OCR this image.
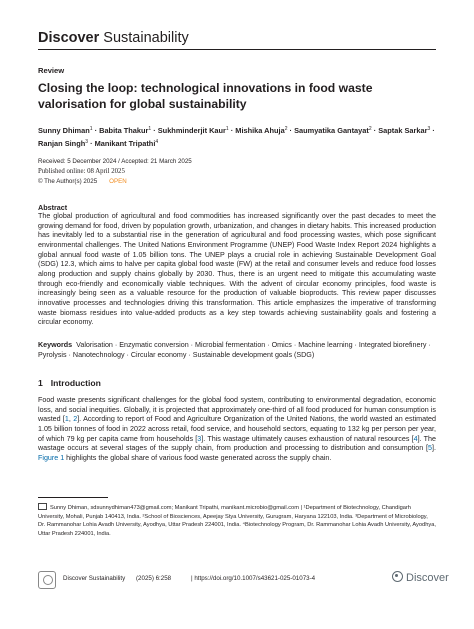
Discover Sustainability
Review
Closing the loop: technological innovations in food waste valorisation for global sustainability
Sunny Dhiman$^1$ · Babita Thakur$^1$ · Sukhminderjit Kaur$^1$ · Mishika Ahuja$^2$ · Saumyatika Gantayat$^2$ · Saptak Sarkar$^3$ ·
Ranjan Singh$^3$ · Manikant Tripathi$^4$
Received: 5 December 2024 / Accepted: 21 March 2025
Published online: 08 April 2025
© The Author(s) 2025 OPEN
Abstract
The global production of agricultural and food commodities has increased significantly over the past decades to meet the growing demand for food, driven by population growth, urbanization, and changes in dietary habits. This increased production has inevitably led to a substantial rise in the generation of agricultural and food processing wastes, which pose significant environmental challenges. The United Nations Environment Programme (UNEP) Food Waste Index Report 2024 highlights a global annual food waste of 1.05 billion tons. The UNEP plays a crucial role in achieving Sustainable Development Goal (SDG) 12.3, which aims to halve per capita global food waste (FW) at the retail and consumer levels and reduce food losses along production and supply chains globally by 2030. Thus, there is an urgent need to mitigate this accumulating waste through eco-friendly and economically viable techniques. With the advent of circular economy principles, food waste is increasingly being seen as a valuable resource for the production of valuable bioproducts. This review paper discusses innovative processes and technologies driving this transformation. This article emphasizes the imperative of transforming waste biomass residues into value-added products as a key step towards achieving sustainability goals and fostering a circular economy.
Keywords Valorisation · Enzymatic conversion · Microbial fermentation · Omics · Machine learning · Integrated biorefinery · Pyrolysis · Nanotechnology · Circular economy · Sustainable development goals (SDG)
1 Introduction
Food waste presents significant challenges for the global food system, contributing to environmental degradation, economic loss, and social inequities. Globally, it is projected that approximately one-third of all food produced for human consumption is wasted [1, 2]. According to report of Food and Agriculture Organization of the United Nations, the world wasted an estimated 1.05 billion tonnes of food in 2022 across retail, food service, and household sectors, equating to 132 kg per person per year, of which 79 kg per capita came from households [3]. This wastage ultimately causes exhaustion of natural resources [4]. The wastage occurs at several stages of the supply chain, from production and processing to distribution and consumption [5]. Figure 1 highlights the global share of various food waste generated across the supply chain.
Sunny Dhiman, sdsunnydhiman473@gmail.com; Manikant Tripathi, manikant.microbio@gmail.com | ¹Department of Biotechnology, Chandigarh University, Mohali, Punjab 140413, India. ²School of Biosciences, Apeejay Stya University, Gurugram, Haryana 122103, India. ³Department of Microbiology, Dr. Rammanohar Lohia Avadh University, Ayodhya, Uttar Pradesh 224001, India. ⁴Biotechnology Program, Dr. Rammanohar Lohia Avadh University, Ayodhya, Uttar Pradesh 224001, India.
Discover Sustainability (2025) 6:258	| https://doi.org/10.1007/s43621-025-01073-4	Discover
